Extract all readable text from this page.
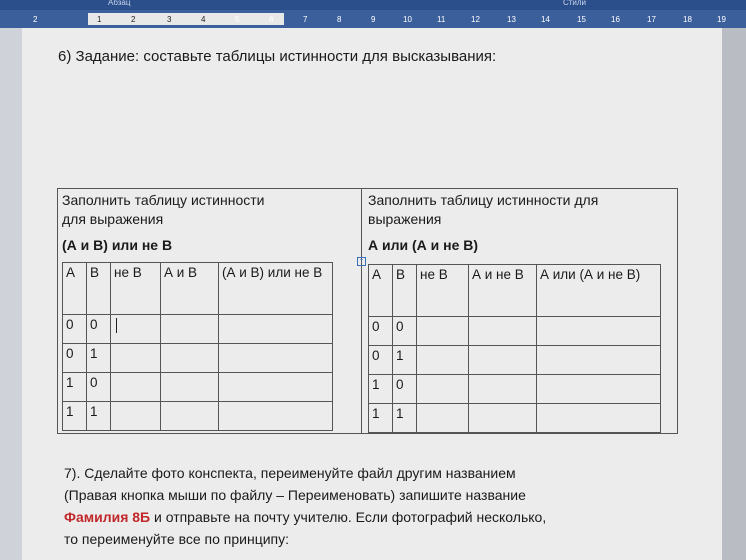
Абзац	Стили
2	1	2	3	4	5	6	7	8	9	10	11	12	13	14	15	16	17	18	19
6) Задание: составьте таблицы истинности для высказывания:
+
Заполнить таблицу истинности
для выражения
(А и В) или не В
А	В	не В	А и В	(А и В) или не В
0	0			
0	1			
1	0			
1	1			
Заполнить таблицу истинности для
выражения
А или (А и не В)
А	В	не В	А и не В	А или (А и не В)
0	0			
0	1			
1	0			
1	1			
7). Сделайте фото конспекта, переименуйте файл другим названием
(Правая кнопка мыши по файлу – Переименовать) запишите название
Фамилия 8Б и отправьте на почту учителю. Если фотографий несколько,
то переименуйте все по принципу:
